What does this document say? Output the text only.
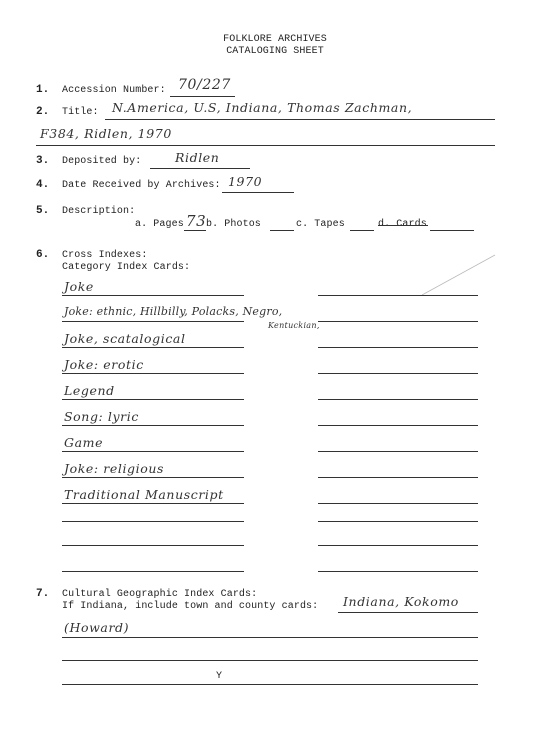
FOLKLORE ARCHIVES
CATALOGING SHEET
1. Accession Number: 70/227
2. Title: N.America, U.S, Indiana, Thomas Zachman,
F384, Ridlen, 1970
3. Deposited by:	Ridlen
4. Date Received by Archives: 1970
5. Description:
a. Pages 73 b. Photos	c. Tapes	d. Cards
6. Cross Indexes:
Category Index Cards:
Joke
Joke: ethnic, Hillbilly, Polacks, Negro,
Kentuckian,
Joke, scatalogical
Joke: erotic
Legend
Song: lyric
Game
Joke: religious
Traditional Manuscript
7. Cultural Geographic Index Cards:
If Indiana, include town and county cards: Indiana, Kokomo
(Howard)
Y
